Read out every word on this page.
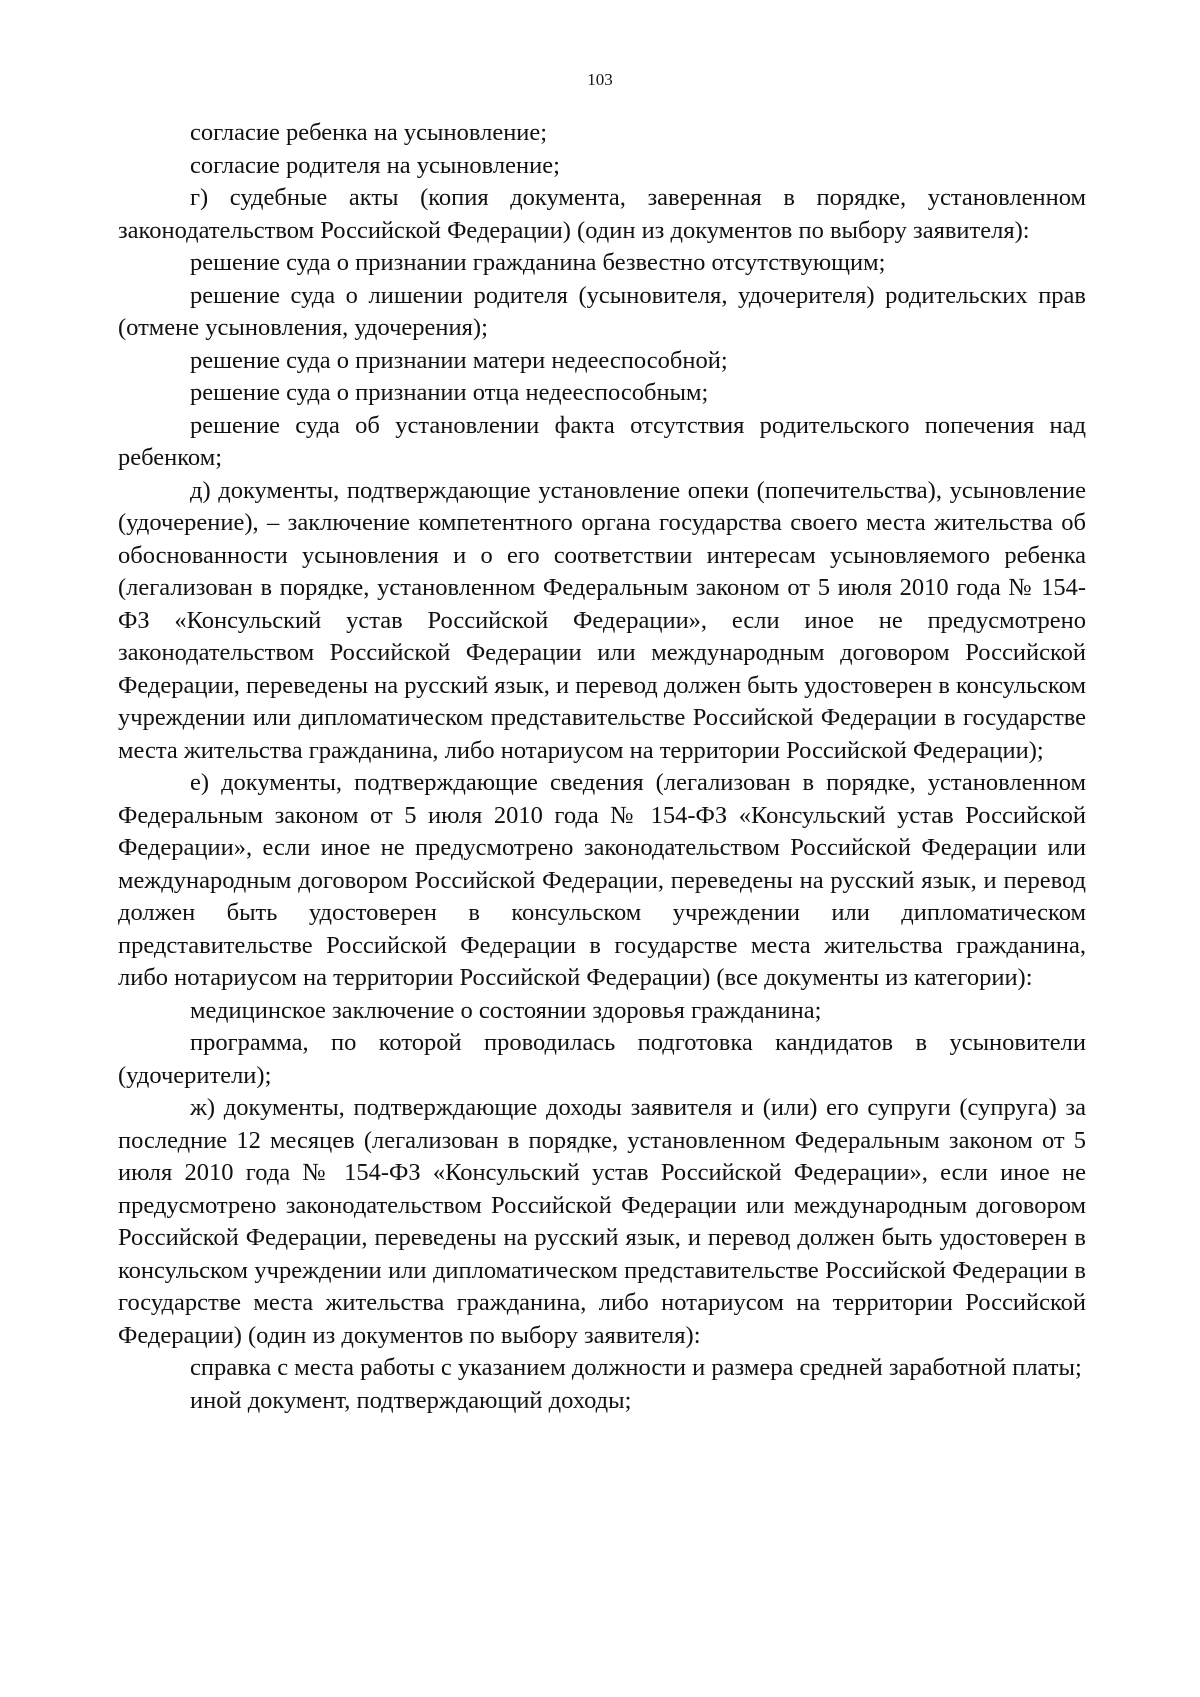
103

согласие ребенка на усыновление;

согласие родителя на усыновление;

г) судебные акты (копия документа, заверенная в порядке, установленном законодательством Российской Федерации) (один из документов по выбору заявителя):

решение суда о признании гражданина безвестно отсутствующим;

решение суда о лишении родителя (усыновителя, удочерителя) родительских прав (отмене усыновления, удочерения);

решение суда о признании матери недееспособной;

решение суда о признании отца недееспособным;

решение суда об установлении факта отсутствия родительского попечения над ребенком;

д) документы, подтверждающие установление опеки (попечительства), усыновление (удочерение), – заключение компетентного органа государства своего места жительства об обоснованности усыновления и о его соответствии интересам усыновляемого ребенка (легализован в порядке, установленном Федеральным законом от 5 июля 2010 года № 154-ФЗ «Консульский устав Российской Федерации», если иное не предусмотрено законодательством Российской Федерации или международным договором Российской Федерации, переведены на русский язык, и перевод должен быть удостоверен в консульском учреждении или дипломатическом представительстве Российской Федерации в государстве места жительства гражданина, либо нотариусом на территории Российской Федерации);

е) документы, подтверждающие сведения (легализован в порядке, установленном Федеральным законом от 5 июля 2010 года № 154-ФЗ «Консульский устав Российской Федерации», если иное не предусмотрено законодательством Российской Федерации или международным договором Российской Федерации, переведены на русский язык, и перевод должен быть удостоверен в консульском учреждении или дипломатическом представительстве Российской Федерации в государстве места жительства гражданина, либо нотариусом на территории Российской Федерации) (все документы из категории):

медицинское заключение о состоянии здоровья гражданина;

программа, по которой проводилась подготовка кандидатов в усыновители (удочерители);

ж) документы, подтверждающие доходы заявителя и (или) его супруги (супруга) за последние 12 месяцев (легализован в порядке, установленном Федеральным законом от 5 июля 2010 года № 154-ФЗ «Консульский устав Российской Федерации», если иное не предусмотрено законодательством Российской Федерации или международным договором Российской Федерации, переведены на русский язык, и перевод должен быть удостоверен в консульском учреждении или дипломатическом представительстве Российской Федерации в государстве места жительства гражданина, либо нотариусом на территории Российской Федерации) (один из документов по выбору заявителя):

справка с места работы с указанием должности и размера средней заработной платы;

иной документ, подтверждающий доходы;
